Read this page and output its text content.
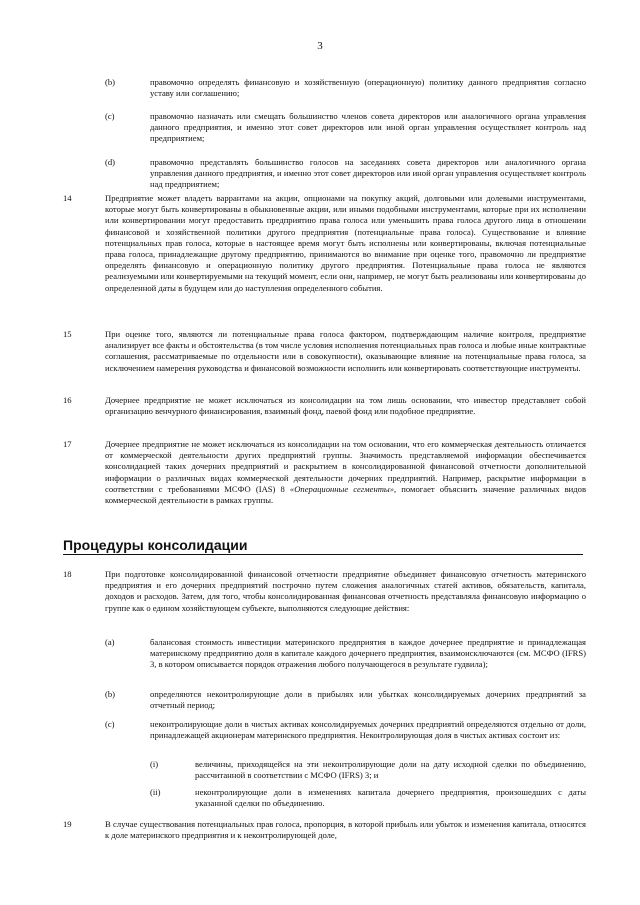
3
(b)	правомочно определять финансовую и хозяйственную (операционную) политику данного предприятия согласно уставу или соглашению;
(c)	правомочно назначать или смещать большинство членов совета директоров или аналогичного органа управления данного предприятия, и именно этот совет директоров или иной орган управления осуществляет контроль над предприятием;
(d)	правомочно представлять большинство голосов на заседаниях совета директоров или аналогичного органа управления данного предприятия, и именно этот совет директоров или иной орган управления осуществляет контроль над предприятием;
14	Предприятие может владеть варрантами на акции, опционами на покупку акций, долговыми или долевыми инструментами, которые могут быть конвертированы в обыкновенные акции, или иными подобными инструментами, которые при их исполнении или конвертировании могут предоставить предприятию права голоса или уменьшить права голоса другого лица в отношении финансовой и хозяйственной политики другого предприятия (потенциальные права голоса). Существование и влияние потенциальных прав голоса, которые в настоящее время могут быть исполнены или конвертированы, включая потенциальные права голоса, принадлежащие другому предприятию, принимаются во внимание при оценке того, правомочно ли предприятие определять финансовую и операционную политику другого предприятия. Потенциальные права голоса не являются реализуемыми или конвертируемыми на текущий момент, если они, например, не могут быть реализованы или конвертированы до определенной даты в будущем или до наступления определенного события.
15	При оценке того, являются ли потенциальные права голоса фактором, подтверждающим наличие контроля, предприятие анализирует все факты и обстоятельства (в том числе условия исполнения потенциальных прав голоса и любые иные контрактные соглашения, рассматриваемые по отдельности или в совокупности), оказывающие влияние на потенциальные права голоса, за исключением намерения руководства и финансовой возможности исполнить или конвертировать соответствующие инструменты.
16	Дочернее предприятие не может исключаться из консолидации на том лишь основании, что инвестор представляет собой организацию венчурного финансирования, взаимный фонд, паевой фонд или подобное предприятие.
17	Дочернее предприятие не может исключаться из консолидации на том основании, что его коммерческая деятельность отличается от коммерческой деятельности других предприятий группы. Значимость представляемой информации обеспечивается консолидацией таких дочерних предприятий и раскрытием в консолидированной финансовой отчетности дополнительной информации о различных видах коммерческой деятельности дочерних предприятий. Например, раскрытие информации в соответствии с требованиями МСФО (IAS) 8 «Операционные сегменты», помогает объяснить значение различных видов коммерческой деятельности в рамках группы.
Процедуры консолидации
18	При подготовке консолидированной финансовой отчетности предприятие объединяет финансовую отчетность материнского предприятия и его дочерних предприятий построчно путем сложения аналогичных статей активов, обязательств, капитала, доходов и расходов. Затем, для того, чтобы консолидированная финансовая отчетность представляла финансовую информацию о группе как о едином хозяйствующем субъекте, выполняются следующие действия:
(a)	балансовая стоимость инвестиции материнского предприятия в каждое дочернее предприятие и принадлежащая материнскому предприятию доля в капитале каждого дочернего предприятия, взаимоисключаются (см. МСФО (IFRS) 3, в котором описывается порядок отражения любого получающегося в результате гудвила);
(b)	определяются неконтролирующие доли в прибылях или убытках консолидируемых дочерних предприятий за отчетный период;
(c)	неконтролирующие доли в чистых активах консолидируемых дочерних предприятий определяются отдельно от доли, принадлежащей акционерам материнского предприятия. Неконтролирующая доля в чистых активах состоит из:
(i)	величины, приходящейся на эти неконтролирующие доли на дату исходной сделки по объединению, рассчитанной в соответствии с МСФО (IFRS) 3; и
(ii)	неконтролирующие доли в изменениях капитала дочернего предприятия, произошедших с даты указанной сделки по объединению.
19	В случае существования потенциальных прав голоса, пропорция, в которой прибыль или убыток и изменения капитала, относятся к доле материнского предприятия и к неконтролирующей доле,
